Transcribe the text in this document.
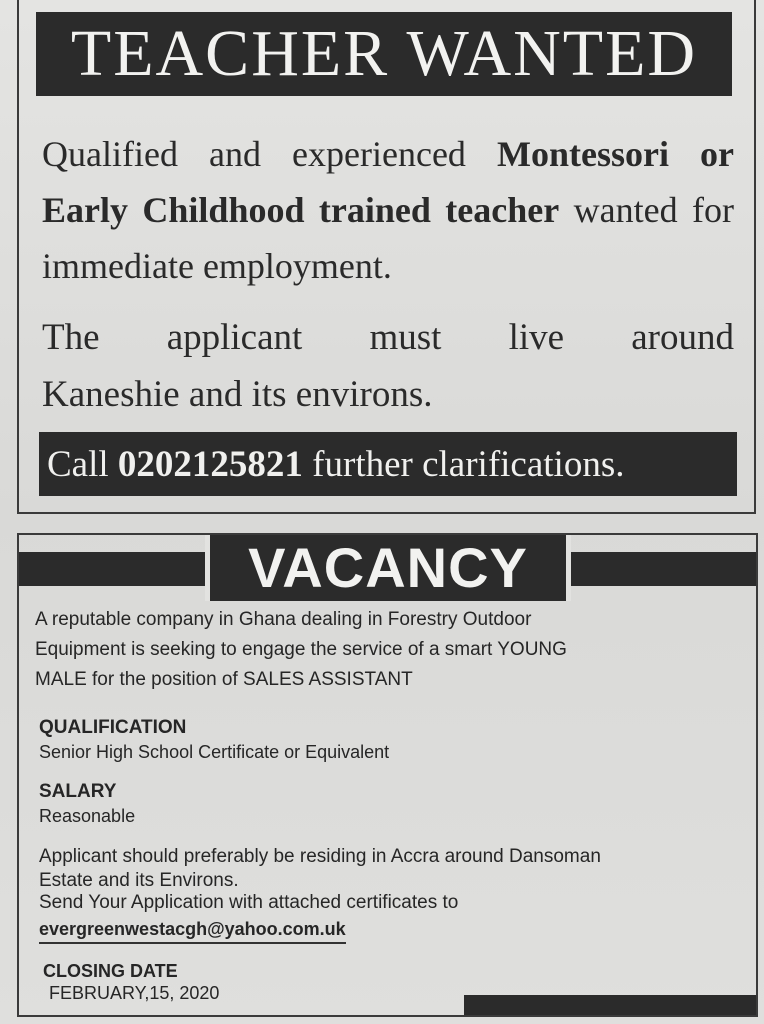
TEACHER WANTED
Qualified and experienced Montessori or Early Childhood trained teacher wanted for immediate employment.
The applicant must live around
Kaneshie and its environs.
Call 0202125821 further clarifications.
VACANCY
A reputable company in Ghana dealing in Forestry Outdoor
Equipment is seeking to engage the service of a smart YOUNG
MALE for the position of SALES ASSISTANT
QUALIFICATION
Senior High School Certificate or Equivalent
SALARY
Reasonable
Applicant should preferably be residing in Accra around Dansoman
Estate and its Environs.
Send Your Application with attached certificates to
evergreenwestacgh@yahoo.com.uk
CLOSING DATE
FEBRUARY,15, 2020
